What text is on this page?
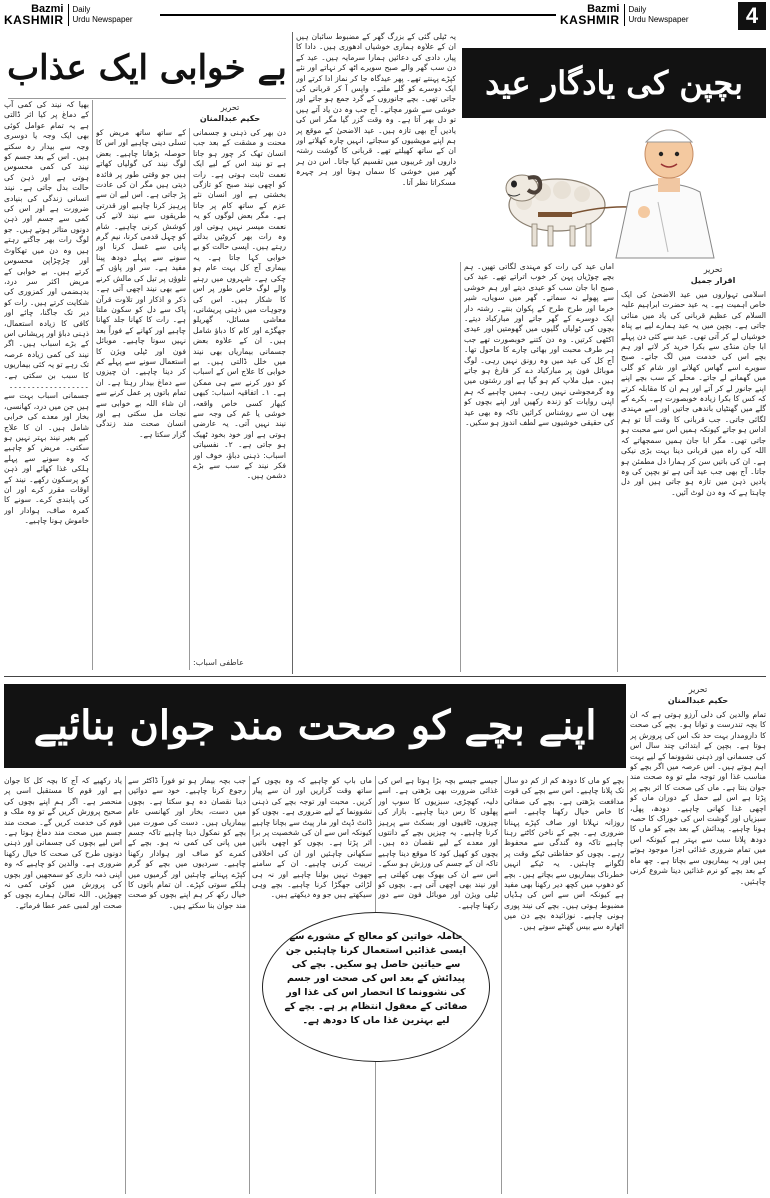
Bazmi
KASHMIR
Daily
Urdu Newspaper
Bazmi
KASHMIR
Daily
Urdu Newspaper	4
بے خوابی ایک عذاب
تحریر
حکیم عبدالمنان

بھیا کہ نیند کی کمی آپ کے دماغ پر کیا اثر ڈالتی ہے یہ تمام عوامل کوئی بھی ایک وجہ یا دوسری وجہ سے بیدار رہ سکتے ہیں۔ اس کے بعد جسم کو نیند کی کمی محسوس ہوتی ہے اور ذہن کی حالت بدل جاتی ہے۔ نیند انسانی زندگی کی بنیادی ضرورت ہے اور اس کی کمی سے جسم اور ذہن دونوں متاثر ہوتے ہیں۔ جو لوگ رات بھر جاگتے رہتے ہیں وہ دن میں تھکاوٹ اور چڑچڑاپن محسوس کرتے ہیں۔ بے خوابی کے مریض اکثر سر درد، بدہضمی اور کمزوری کی شکایت کرتے ہیں۔ رات کو دیر تک جاگنا، چائے اور کافی کا زیادہ استعمال، ذہنی دباؤ اور پریشانی اس کے بڑے اسباب ہیں۔ اگر نیند کی کمی زیادہ عرصہ تک رہے تو یہ کئی بیماریوں کا سبب بن سکتی ہے۔ ۔۔۔۔۔۔۔۔۔۔۔۔۔۔۔۔۔۔ جسمانی اسباب بہت سے ہیں جن میں درد، کھانسی، بخار اور معدے کی خرابی شامل ہیں۔ ان کا علاج کیے بغیر نیند بہتر نہیں ہو سکتی۔ مریض کو چاہیے کہ وہ سونے سے پہلے ہلکی غذا کھائے اور ذہن کو پرسکون رکھے۔ نیند کے اوقات مقرر کرے اور ان کی پابندی کرے۔ سونے کا کمرہ صاف، ہوادار اور خاموش ہونا چاہیے۔

کے ساتھ ساتھ مریض کو تسلی دینی چاہیے اور اس کا حوصلہ بڑھانا چاہیے۔ بعض لوگ نیند کی گولیاں کھاتے ہیں جو وقتی طور پر فائدہ دیتی ہیں مگر ان کی عادت پڑ جاتی ہے۔ اس لیے ان سے پرہیز کرنا چاہیے اور قدرتی طریقوں سے نیند لانے کی کوشش کرنی چاہیے۔ شام کو چہل قدمی کرنا، نیم گرم پانی سے غسل کرنا اور سونے سے پہلے دودھ پینا مفید ہے۔ سر اور پاؤں کے تلوؤں پر تیل کی مالش کرنے سے بھی نیند اچھی آتی ہے۔ ذکر و اذکار اور تلاوت قرآن پاک سے دل کو سکون ملتا ہے۔ رات کا کھانا جلد کھانا چاہیے اور کھانے کے فوراً بعد نہیں سونا چاہیے۔ موبائل فون اور ٹیلی ویژن کا استعمال سونے سے پہلے کم کر دینا چاہیے۔ ان چیزوں سے دماغ بیدار رہتا ہے۔ ان تمام باتوں پر عمل کرنے سے ان شاء اللہ بے خوابی سے نجات مل سکتی ہے اور انسان صحت مند زندگی گزار سکتا ہے۔

دن بھر کی ذہنی و جسمانی محنت و مشقت کے بعد جب انسان تھک کر چور ہو جاتا ہے تو نیند اس کے لیے ایک نعمت ثابت ہوتی ہے۔ رات کو اچھی نیند صبح کو تازگی بخشتی ہے اور انسان نئے عزم کے ساتھ کام پر جاتا ہے۔ مگر بعض لوگوں کو یہ نعمت میسر نہیں ہوتی اور وہ رات بھر کروٹیں بدلتے رہتے ہیں۔ ایسی حالت کو بے خوابی کہا جاتا ہے۔ یہ بیماری آج کل بہت عام ہو چکی ہے۔ شہروں میں رہنے والے لوگ خاص طور پر اس کا شکار ہیں۔ اس کی وجوہات میں ذہنی پریشانی، معاشی مسائل، گھریلو جھگڑے اور کام کا دباؤ شامل ہیں۔ ان کے علاوہ بعض جسمانی بیماریاں بھی نیند میں خلل ڈالتی ہیں۔ بے خوابی کا علاج اس کے اسباب کو دور کرنے سے ہی ممکن ہے۔ ۱۔ اتفاقیہ اسباب: کبھی کبھار کسی خاص واقعہ، خوشی یا غم کی وجہ سے نیند نہیں آتی۔ یہ عارضی ہوتی ہے اور خود بخود ٹھیک ہو جاتی ہے۔ ۲۔ نفسیاتی اسباب: ذہنی دباؤ، خوف اور فکر نیند کے سب سے بڑے دشمن ہیں۔

عاطفی اسباب:
بچپن کی یادگار عید
تحریر
اقرار جمیل

یہ ٹیلی گئی کے بزرگ گھر کے مضبوط سائبان ہیں ان کے علاوہ ہماری خوشیاں ادھوری ہیں۔ دادا کا پیار، دادی کی دعائیں ہمارا سرمایہ ہیں۔ عید کے دن سب گھر والے صبح سویرے اٹھ کر نہاتے اور نئے کپڑے پہنتے تھے۔ پھر عیدگاہ جا کر نماز ادا کرتے اور ایک دوسرے کو گلے ملتے۔ واپس آ کر قربانی کی جاتی تھی۔ بچے جانوروں کے گرد جمع ہو جاتے اور خوشی سے شور مچاتے۔ آج جب وہ دن یاد آتے ہیں تو دل بھر آتا ہے۔ وہ وقت گزر گیا مگر اس کی یادیں آج بھی تازہ ہیں۔ عید الاضحیٰ کے موقع پر ہم اپنے مویشیوں کو سجاتے، انہیں چارہ کھلاتے اور ان کے ساتھ کھیلتے تھے۔ قربانی کا گوشت رشتہ داروں اور غریبوں میں تقسیم کیا جاتا۔ اس دن ہر گھر میں خوشی کا سماں ہوتا اور ہر چہرہ مسکراتا نظر آتا۔

اماں عید کی رات کو مہندی لگاتی تھیں۔ ہم بچے چوڑیاں پہن کر خوب اتراتے تھے۔ عید کی صبح ابا جان سب کو عیدی دیتے اور ہم خوشی سے پھولے نہ سماتے۔ گھر میں سویاں، شیر خرما اور طرح طرح کے پکوان بنتے۔ رشتہ دار ایک دوسرے کے گھر جاتے اور مبارکباد دیتے۔ بچوں کی ٹولیاں گلیوں میں گھومتیں اور عیدی اکٹھی کرتیں۔ وہ دن کتنے خوبصورت تھے جب ہر طرف محبت اور بھائی چارے کا ماحول تھا۔ آج کل کی عید میں وہ رونق نہیں رہی۔ لوگ موبائل فون پر مبارکباد دے کر فارغ ہو جاتے ہیں۔ میل ملاپ کم ہو گیا ہے اور رشتوں میں وہ گرمجوشی نہیں رہی۔ ہمیں چاہیے کہ ہم اپنی روایات کو زندہ رکھیں اور اپنے بچوں کو بھی ان سے روشناس کرائیں تاکہ وہ بھی عید کی حقیقی خوشیوں سے لطف اندوز ہو سکیں۔

اسلامی تہواروں میں عید الاضحیٰ کی ایک خاص اہمیت ہے۔ یہ عید حضرت ابراہیم علیہ السلام کی عظیم قربانی کی یاد میں منائی جاتی ہے۔ بچپن میں یہ عید ہمارے لیے بے پناہ خوشیاں لے کر آتی تھی۔ عید سے کئی دن پہلے ابا جان منڈی سے بکرا خرید کر لاتے اور ہم بچے اس کی خدمت میں لگ جاتے۔ صبح سویرے اسے گھاس کھلانے اور شام کو گلی میں گھمانے لے جاتے۔ محلے کے سب بچے اپنے اپنے جانور لے کر آتے اور ہم ان کا مقابلہ کرتے کہ کس کا بکرا زیادہ خوبصورت ہے۔ بکرے کے گلے میں گھنٹیاں باندھی جاتیں اور اسے مہندی لگائی جاتی۔ جب قربانی کا وقت آتا تو ہم اداس ہو جاتے کیونکہ ہمیں اس سے محبت ہو جاتی تھی۔ مگر ابا جان ہمیں سمجھاتے کہ اللہ کی راہ میں قربانی دینا بہت بڑی نیکی ہے۔ ان کی باتیں سن کر ہمارا دل مطمئن ہو جاتا۔ آج بھی جب عید آتی ہے تو بچپن کی وہ یادیں ذہن میں تازہ ہو جاتی ہیں اور دل چاہتا ہے کہ وہ دن لوٹ آئیں۔

اپنے بچے کو صحت مند جوان بنائیے
تحریر
حکیم عبدالمنان

تمام والدین کی دلی آرزو ہوتی ہے کہ ان کا بچہ تندرست و توانا ہو۔ بچے کی صحت کا دارومدار بہت حد تک اس کی پرورش پر ہوتا ہے۔ بچپن کے ابتدائی چند سال اس کی جسمانی اور ذہنی نشوونما کے لیے بہت اہم ہوتے ہیں۔ اس عرصہ میں اگر بچے کو مناسب غذا اور توجہ ملے تو وہ صحت مند جوان بنتا ہے۔ ماں کی صحت کا اثر بچے پر پڑتا ہے اس لیے حمل کے دوران ماں کو اچھی غذا کھانی چاہیے۔ دودھ، پھل، سبزیاں اور گوشت اس کی خوراک کا حصہ ہونا چاہیے۔ پیدائش کے بعد بچے کو ماں کا دودھ پلانا سب سے بہتر ہے کیونکہ اس میں تمام ضروری غذائی اجزا موجود ہوتے ہیں اور یہ بیماریوں سے بچاتا ہے۔ چھ ماہ کے بعد بچے کو نرم غذائیں دینا شروع کرنی چاہئیں۔

بچے کو ماں کا دودھ کم از کم دو سال تک پلانا چاہیے۔ اس سے بچے کی قوت مدافعت بڑھتی ہے۔ بچے کی صفائی کا خاص خیال رکھنا چاہیے۔ اسے روزانہ نہلانا اور صاف کپڑے پہنانا ضروری ہے۔ بچے کے ناخن کاٹتے رہنا چاہیے تاکہ وہ گندگی سے محفوظ رہے۔ بچوں کو حفاظتی ٹیکے وقت پر لگوانے چاہئیں۔ یہ ٹیکے انہیں خطرناک بیماریوں سے بچاتے ہیں۔ بچے کو دھوپ میں کچھ دیر رکھنا بھی مفید ہے کیونکہ اس سے اس کی ہڈیاں مضبوط ہوتی ہیں۔ بچے کی نیند پوری ہونی چاہیے۔ نوزائیدہ بچے دن میں اٹھارہ سے بیس گھنٹے سوتے ہیں۔

جیسے جیسے بچہ بڑا ہوتا ہے اس کی غذائی ضرورت بھی بڑھتی ہے۔ اسے دلیہ، کھچڑی، سبزیوں کا سوپ اور پھلوں کا رس دینا چاہیے۔ بازار کی چیزوں، ٹافیوں اور بسکٹ سے پرہیز کرنا چاہیے۔ یہ چیزیں بچے کے دانتوں اور معدے کے لیے نقصان دہ ہیں۔ بچوں کو کھیل کود کا موقع دینا چاہیے تاکہ ان کے جسم کی ورزش ہو سکے۔ اس سے ان کی بھوک بھی کھلتی ہے اور نیند بھی اچھی آتی ہے۔ بچوں کو ٹیلی ویژن اور موبائل فون سے دور رکھنا چاہیے۔

ماں باپ کو چاہیے کہ وہ بچوں کے ساتھ وقت گزاریں اور ان سے پیار کریں۔ محبت اور توجہ بچے کی ذہنی نشوونما کے لیے ضروری ہے۔ بچوں کو ڈانٹ ڈپٹ اور مار پیٹ سے بچانا چاہیے کیونکہ اس سے ان کی شخصیت پر برا اثر پڑتا ہے۔ بچوں کو اچھی باتیں سکھانی چاہئیں اور ان کی اخلاقی تربیت کرنی چاہیے۔ ان کے سامنے جھوٹ نہیں بولنا چاہیے اور نہ ہی لڑائی جھگڑا کرنا چاہیے۔ بچے وہی سیکھتے ہیں جو وہ دیکھتے ہیں۔

جب بچہ بیمار ہو تو فوراً ڈاکٹر سے رجوع کرنا چاہیے۔ خود سے دوائیں دینا نقصان دہ ہو سکتا ہے۔ بچوں میں دست، بخار اور کھانسی عام بیماریاں ہیں۔ دست کی صورت میں بچے کو نمکول دینا چاہیے تاکہ جسم میں پانی کی کمی نہ ہو۔ بچے کے کمرے کو صاف اور ہوادار رکھنا چاہیے۔ سردیوں میں بچے کو گرم کپڑے پہنانے چاہئیں اور گرمیوں میں ہلکے سوتی کپڑے۔ ان تمام باتوں کا خیال رکھ کر ہم اپنے بچوں کو صحت مند جوان بنا سکتے ہیں۔

یاد رکھیے کہ آج کا بچہ کل کا جوان ہے اور قوم کا مستقبل اسی پر منحصر ہے۔ اگر ہم اپنے بچوں کی صحیح پرورش کریں گے تو وہ ملک و قوم کی خدمت کریں گے۔ صحت مند جسم میں صحت مند دماغ ہوتا ہے۔ اس لیے بچوں کی جسمانی اور ذہنی دونوں طرح کی صحت کا خیال رکھنا ضروری ہے۔ والدین کو چاہیے کہ وہ اپنی ذمہ داری کو سمجھیں اور بچوں کی پرورش میں کوئی کمی نہ چھوڑیں۔ اللہ تعالیٰ ہمارے بچوں کو صحت اور لمبی عمر عطا فرمائے۔

حاملہ خواتین کو معالج کے مشورے سے ایسی غذائیں استعمال کرنا چاہئیں جن سے حیاتین حاصل ہو سکیں۔ بچے کی پیدائش کے بعد اس کی صحت اور جسم کی نشوونما کا انحصار اس کی غذا اور صفائی کے معقول انتظام پر ہے۔ بچے کے لیے بہترین غذا ماں کا دودھ ہے۔
